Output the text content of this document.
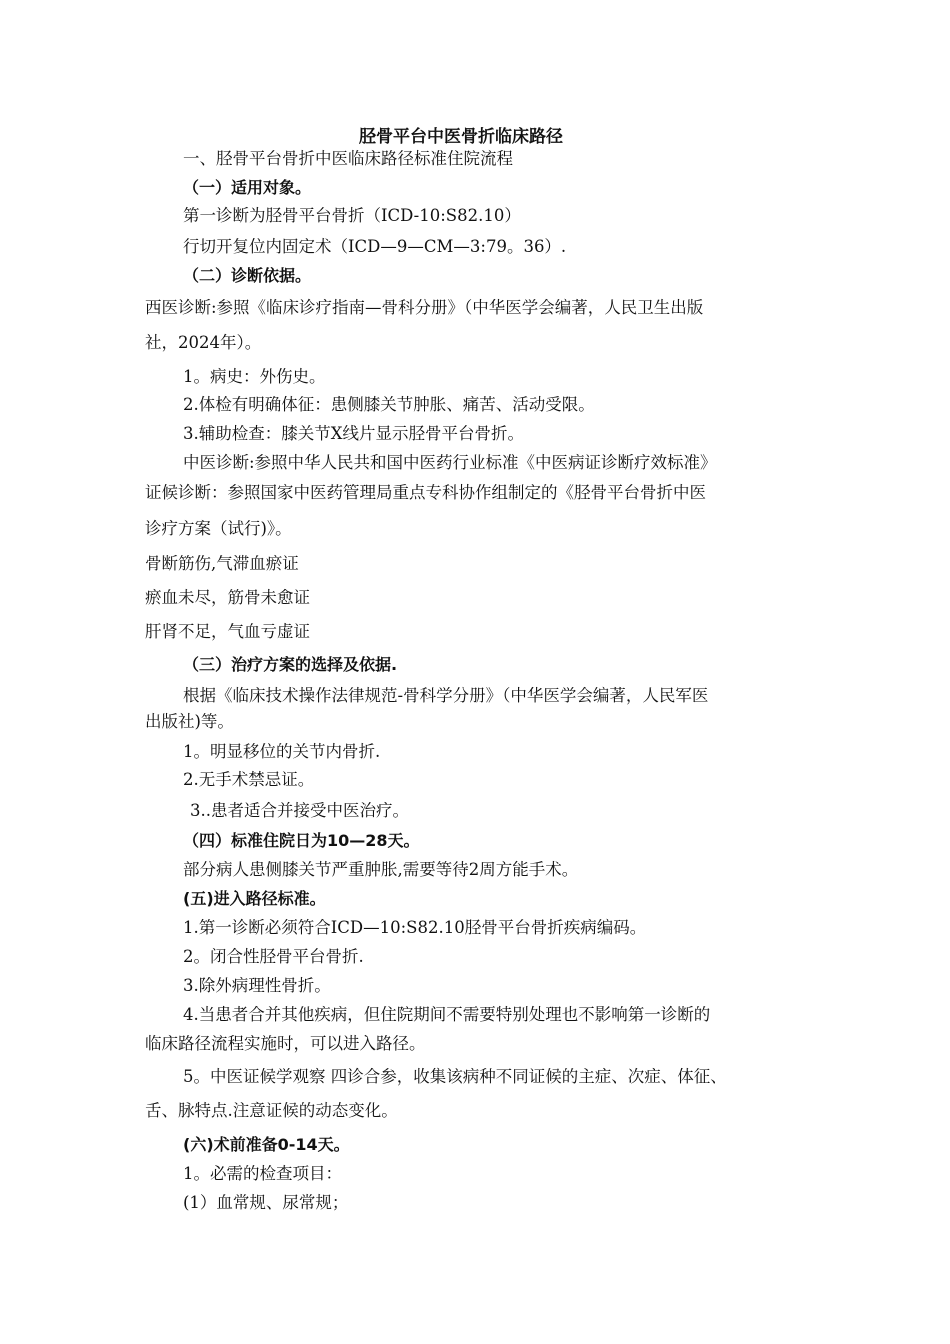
胫骨平台中医骨折临床路径
一、胫骨平台骨折中医临床路径标准住院流程
（一）适用对象。
第一诊断为胫骨平台骨折（ICD-10:S82.10）
行切开复位内固定术（ICD—9—CM—3:79。36）.
（二）诊断依据。
西医诊断:参照《临床诊疗指南—骨科分册》（中华医学会编著，人民卫生出版
社，2024年）。
1。病史：外伤史。
2.体检有明确体征：患侧膝关节肿胀、痛苦、活动受限。
3.辅助检查：膝关节X线片显示胫骨平台骨折。
中医诊断:参照中华人民共和国中医药行业标准《中医病证诊断疗效标准》
证候诊断：参照国家中医药管理局重点专科协作组制定的《胫骨平台骨折中医
诊疗方案（试行)》。
骨断筋伤,气滞血瘀证
瘀血未尽，筋骨未愈证
肝肾不足，气血亏虚证
（三）治疗方案的选择及依据.
根据《临床技术操作法律规范-骨科学分册》（中华医学会编著，人民军医
出版社)等。
1。明显移位的关节内骨折.
2.无手术禁忌证。
3..患者适合并接受中医治疗。
（四）标准住院日为10—28天。
部分病人患侧膝关节严重肿胀,需要等待2周方能手术。
(五)进入路径标准。
1.第一诊断必须符合ICD—10:S82.10胫骨平台骨折疾病编码。
2。闭合性胫骨平台骨折.
3.除外病理性骨折。
4.当患者合并其他疾病，但住院期间不需要特别处理也不影响第一诊断的
临床路径流程实施时，可以进入路径。
5。中医证候学观察 四诊合参，收集该病种不同证候的主症、次症、体征、
舌、脉特点.注意证候的动态变化。
(六)术前准备0-14天。
1。必需的检查项目：
(1）血常规、尿常规；
